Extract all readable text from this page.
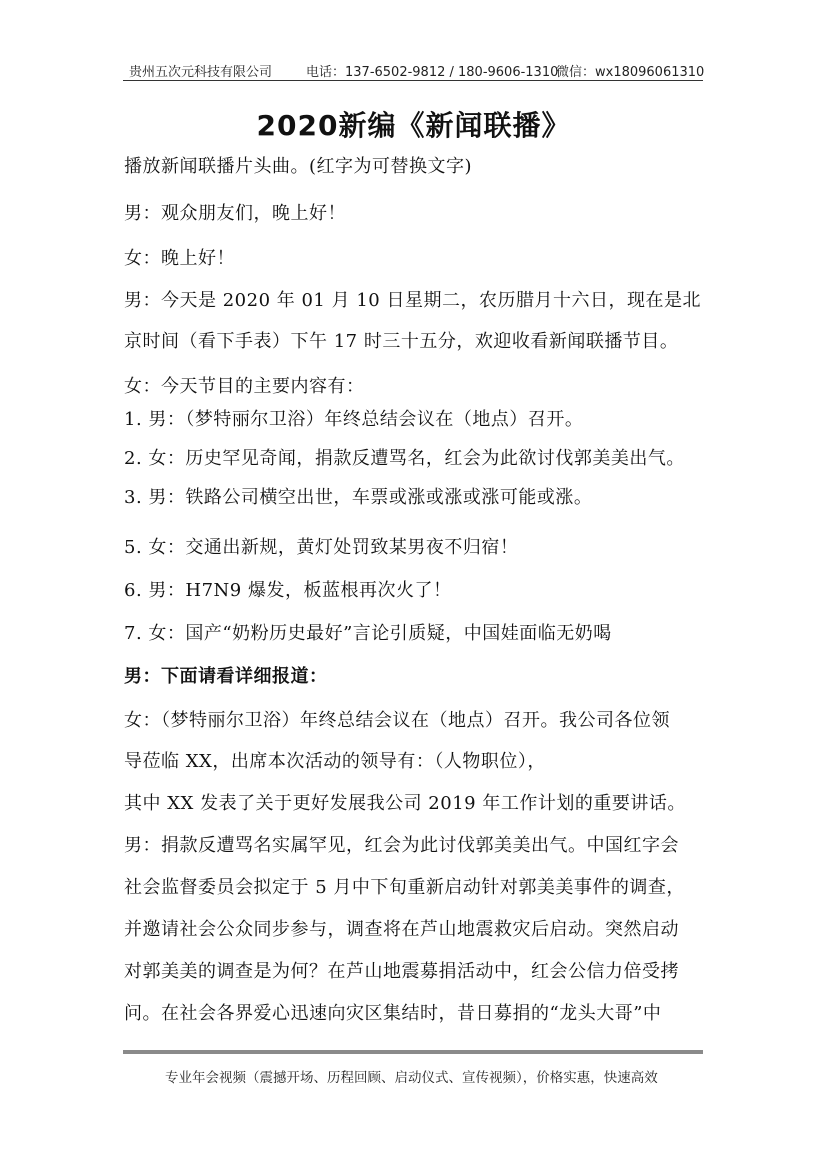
贵州五次元科技有限公司	电话：137-6502-9812 / 180-9606-1310
微信：wx18096061310
2020新编《新闻联播》
播放新闻联播片头曲。(红字为可替换文字)
男：观众朋友们，晚上好！
女：晚上好！
男：今天是 2020 年 01 月 10 日星期二，农历腊月十六日，现在是北
京时间（看下手表）下午 17 时三十五分，欢迎收看新闻联播节目。
女：今天节目的主要内容有：
1. 男：（梦特丽尔卫浴）年终总结会议在（地点）召开。
2. 女：历史罕见奇闻，捐款反遭骂名，红会为此欲讨伐郭美美出气。
3. 男：铁路公司横空出世，车票或涨或涨或涨可能或涨。
5. 女：交通出新规，黄灯处罚致某男夜不归宿！
6. 男：H7N9 爆发，板蓝根再次火了！
7. 女：国产“奶粉历史最好”言论引质疑，中国娃面临无奶喝
男：下面请看详细报道：
女：（梦特丽尔卫浴）年终总结会议在（地点）召开。我公司各位领
导莅临 XX，出席本次活动的领导有：（人物职位），
其中 XX 发表了关于更好发展我公司 2019 年工作计划的重要讲话。
男：捐款反遭骂名实属罕见，红会为此讨伐郭美美出气。中国红字会
社会监督委员会拟定于 5 月中下旬重新启动针对郭美美事件的调查，
并邀请社会公众同步参与，调查将在芦山地震救灾后启动。突然启动
对郭美美的调查是为何？在芦山地震募捐活动中，红会公信力倍受拷
问。在社会各界爱心迅速向灾区集结时，昔日募捐的“龙头大哥”中
专业年会视频（震撼开场、历程回顾、启动仪式、宣传视频），价格实惠，快速高效
